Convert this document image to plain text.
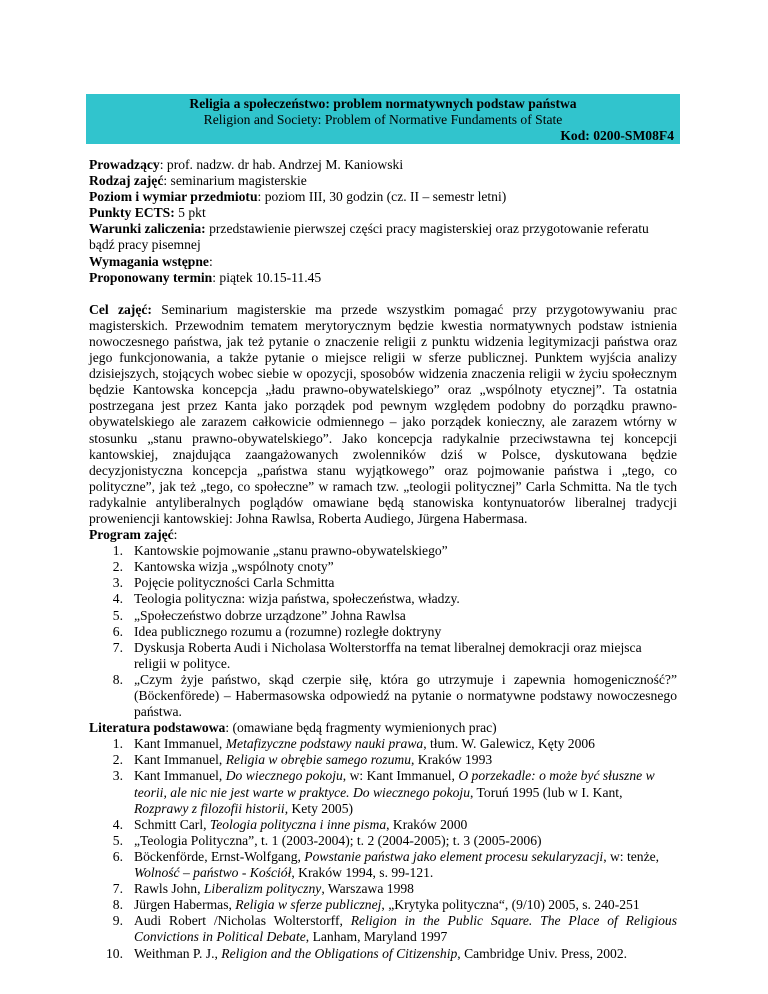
Religia a społeczeństwo: problem normatywnych podstaw państwa
Religion and Society: Problem of Normative Fundaments of State
Kod: 0200-SM08F4

Prowadzący: prof. nadzw. dr hab. Andrzej M. Kaniowski

Rodzaj zajęć: seminarium magisterskie

Poziom i wymiar przedmiotu: poziom III, 30 godzin (cz. II – semestr letni)

Punkty ECTS: 5 pkt

Warunki zaliczenia: przedstawienie pierwszej części pracy magisterskiej oraz przygotowanie referatu bądź pracy pisemnej

Wymagania wstępne:

Proponowany termin: piątek 10.15-11.45

Cel zajęć: Seminarium magisterskie ma przede wszystkim pomagać przy przygotowywaniu prac magisterskich. Przewodnim tematem merytorycznym będzie kwestia normatywnych podstaw istnienia nowoczesnego państwa, jak też pytanie o znaczenie religii z punktu widzenia legitymizacji państwa oraz jego funkcjonowania, a także pytanie o miejsce religii w sferze publicznej. Punktem wyjścia analizy dzisiejszych, stojących wobec siebie w opozycji, sposobów widzenia znaczenia religii w życiu społecznym będzie Kantowska koncepcja „ładu prawno-obywatelskiego” oraz „wspólnoty etycznej”. Ta ostatnia postrzegana jest przez Kanta jako porządek pod pewnym względem podobny do porządku prawno-obywatelskiego ale zarazem całkowicie odmiennego – jako porządek konieczny, ale zarazem wtórny w stosunku „stanu prawno-obywatelskiego”. Jako koncepcja radykalnie przeciwstawna tej koncepcji kantowskiej, znajdująca zaangażowanych zwolenników dziś w Polsce, dyskutowana będzie decyzjonistyczna koncepcja „państwa stanu wyjątkowego” oraz pojmowanie państwa i „tego, co polityczne”, jak też „tego, co społeczne” w ramach tzw. „teologii politycznej” Carla Schmitta. Na tle tych radykalnie antyliberalnych poglądów omawiane będą stanowiska kontynuatorów liberalnej tradycji proweniencji kantowskiej: Johna Rawlsa, Roberta Audiego, Jürgena Habermasa.

Program zajęć:

1. Kantowskie pojmowanie „stanu prawno-obywatelskiego”
2. Kantowska wizja „wspólnoty cnoty”
3. Pojęcie polityczności Carla Schmitta
4. Teologia polityczna: wizja państwa, społeczeństwa, władzy.
5. „Społeczeństwo dobrze urządzone” Johna Rawlsa
6. Idea publicznego rozumu a (rozumne) rozległe doktryny
7. Dyskusja Roberta Audi i Nicholasa Wolterstorffa na temat liberalnej demokracji oraz miejsca religii w polityce.
8. „Czym żyje państwo, skąd czerpie siłę, która go utrzymuje i zapewnia homogeniczność?” (Böckenförede) – Habermasowska odpowiedź na pytanie o normatywne podstawy nowoczesnego państwa.

Literatura podstawowa: (omawiane będą fragmenty wymienionych prac)

1. Kant Immanuel, Metafizyczne podstawy nauki prawa, tłum. W. Galewicz, Kęty 2006
2. Kant Immanuel, Religia w obrębie samego rozumu, Kraków 1993
3. Kant Immanuel, Do wiecznego pokoju, w: Kant Immanuel, O porzekadle: o może być słuszne w teorii, ale nic nie jest warte w praktyce. Do wiecznego pokoju, Toruń 1995 (lub w I. Kant, Rozprawy z filozofii historii, Kety 2005)
4. Schmitt Carl, Teologia polityczna i inne pisma, Kraków 2000
5. „Teologia Polityczna”, t. 1 (2003-2004); t. 2 (2004-2005); t. 3 (2005-2006)
6. Böckenförde, Ernst-Wolfgang, Powstanie państwa jako element procesu sekularyzacji, w: tenże, Wolność – państwo - Kościół, Kraków 1994, s. 99-121.
7. Rawls John, Liberalizm polityczny, Warszawa 1998
8. Jürgen Habermas, Religia w sferze publicznej, „Krytyka polityczna“, (9/10) 2005, s. 240-251
9. Audi Robert /Nicholas Wolterstorff, Religion in the Public Square. The Place of Religious Convictions in Political Debate, Lanham, Maryland 1997
10. Weithman P. J., Religion and the Obligations of Citizenship, Cambridge Univ. Press, 2002.
